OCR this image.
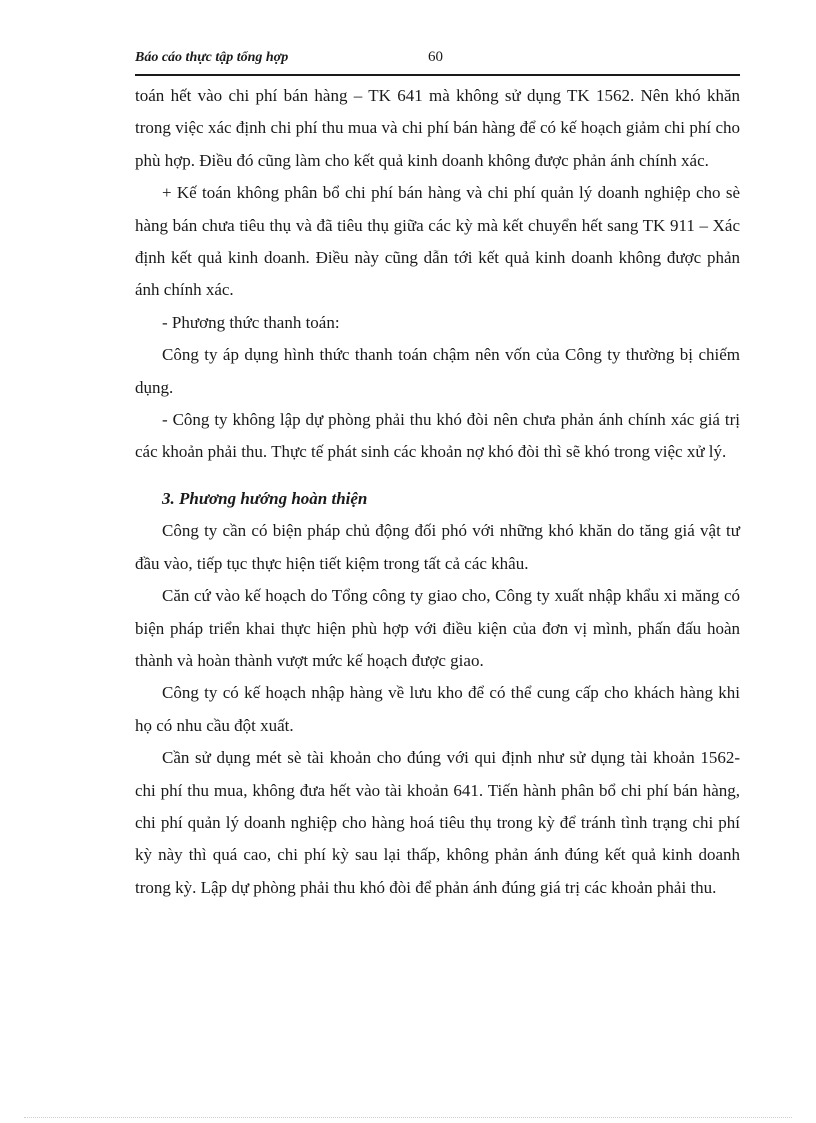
Báo cáo thực tập tổng hợp	60

toán hết vào chi phí bán hàng – TK 641 mà không sử dụng TK 1562. Nên khó khăn trong việc xác định chi phí thu mua và chi phí bán hàng để có kế hoạch giảm chi phí cho phù hợp. Điều đó cũng làm cho kết quả kinh doanh không được phản ánh chính xác.

+ Kế toán không phân bổ chi phí bán hàng và chi phí quản lý doanh nghiệp cho sè hàng bán chưa tiêu thụ và đã tiêu thụ giữa các kỳ mà kết chuyển hết sang TK 911 – Xác định kết quả kinh doanh. Điều này cũng dẫn tới kết quả kinh doanh không được phản ánh chính xác.

- Phương thức thanh toán:

Công ty áp dụng hình thức thanh toán chậm nên vốn của Công ty thường bị chiếm dụng.

- Công ty không lập dự phòng phải thu khó đòi nên chưa phản ánh chính xác giá trị các khoản phải thu. Thực tế phát sinh các khoản nợ khó đòi thì sẽ khó trong việc xử lý.

3. Phương hướng hoàn thiện

Công ty cần có biện pháp chủ động đối phó với những khó khăn do tăng giá vật tư đầu vào, tiếp tục thực hiện tiết kiệm trong tất cả các khâu.

Căn cứ vào kế hoạch do Tổng công ty giao cho, Công ty xuất nhập khẩu xi măng có biện pháp triển khai thực hiện phù hợp với điều kiện của đơn vị mình, phấn đấu hoàn thành và hoàn thành vượt mức kế hoạch được giao.

Công ty có kế hoạch nhập hàng về lưu kho để có thể cung cấp cho khách hàng khi họ có nhu cầu đột xuất.

Cần sử dụng mét sè tài khoản cho đúng với qui định như sử dụng tài khoản 1562- chi phí thu mua, không đưa hết vào tài khoản 641. Tiến hành phân bổ chi phí bán hàng, chi phí quản lý doanh nghiệp cho hàng hoá tiêu thụ trong kỳ để tránh tình trạng chi phí kỳ này thì quá cao, chi phí kỳ sau lại thấp, không phản ánh đúng kết quả kinh doanh trong kỳ. Lập dự phòng phải thu khó đòi để phản ánh đúng giá trị các khoản phải thu.
